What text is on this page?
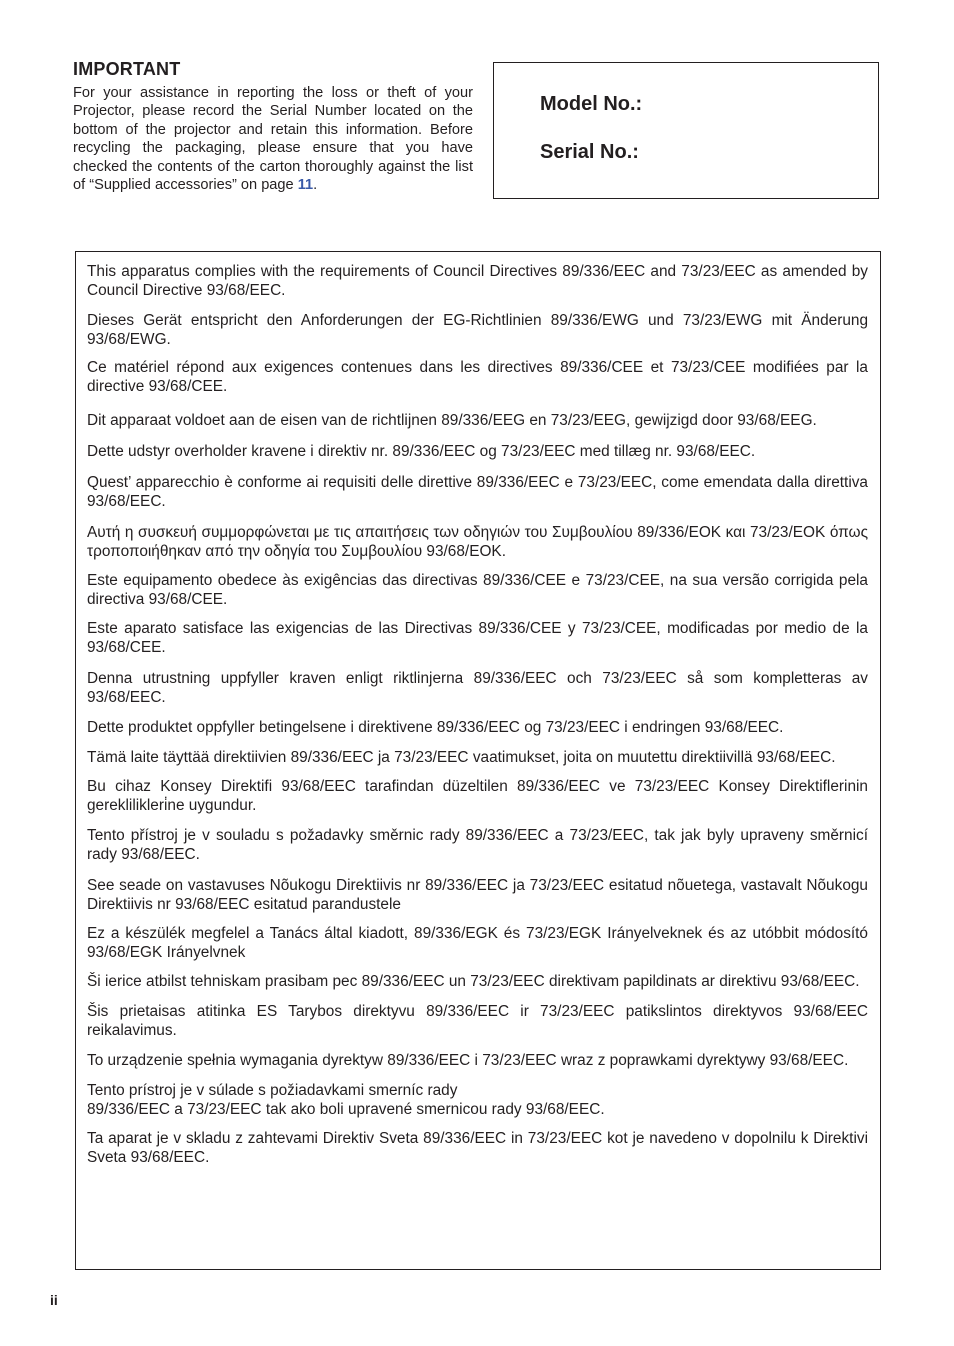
IMPORTANT

For your assistance in reporting the loss or theft of your Projector, please record the Serial Number located on the bottom of the projector and retain this information. Before recycling the packaging, please ensure that you have checked the contents of the carton thoroughly against the list of “Supplied accessories” on page 11.

Model No.:
Serial No.:

This apparatus complies with the requirements of Council Directives 89/336/EEC and 73/23/EEC as amended by Council Directive 93/68/EEC.

Dieses Gerät entspricht den Anforderungen der EG-Richtlinien 89/336/EWG und 73/23/EWG mit Änderung 93/68/EWG.

Ce matériel répond aux exigences contenues dans les directives 89/336/CEE et 73/23/CEE modifiées par la directive 93/68/CEE.

Dit apparaat voldoet aan de eisen van de richtlijnen 89/336/EEG en 73/23/EEG, gewijzigd door 93/68/EEG.

Dette udstyr overholder kravene i direktiv nr. 89/336/EEC og 73/23/EEC med tillæg nr. 93/68/EEC.

Quest’ apparecchio è conforme ai requisiti delle direttive 89/336/EEC e 73/23/EEC, come emendata dalla direttiva 93/68/EEC.

Αυτή η συσκευή συμμορφώνεται με τις απαιτήσεις των οδηγιών του Συμβουλίου 89/336/ΕΟΚ και 73/23/ΕΟΚ όπως τροποποιήθηκαν από την οδηγία του Συμβουλίου 93/68/ΕΟΚ.

Este equipamento obedece às exigências das directivas 89/336/CEE e 73/23/CEE, na sua versão corrigida pela directiva 93/68/CEE.

Este aparato satisface las exigencias de las Directivas 89/336/CEE y 73/23/CEE, modificadas por medio de la 93/68/CEE.

Denna utrustning uppfyller kraven enligt riktlinjerna 89/336/EEC och 73/23/EEC så som kompletteras av 93/68/EEC.

Dette produktet oppfyller betingelsene i direktivene 89/336/EEC og 73/23/EEC i endringen 93/68/EEC.

Tämä laite täyttää direktiivien 89/336/EEC ja 73/23/EEC vaatimukset, joita on muutettu direktiivillä 93/68/EEC.

Bu cihaz Konsey Direktifi 93/68/EEC tarafindan düzeltilen 89/336/EEC ve 73/23/EEC Konsey Direktiflerinin gereklilikleri̇ne uygundur.

Tento přístroj je v souladu s požadavky směrnic rady 89/336/EEC a 73/23/EEC, tak jak byly upraveny směrnicí rady 93/68/EEC.

See seade on vastavuses Nõukogu Direktiivis nr 89/336/EEC ja 73/23/EEC esitatud nõuetega, vastavalt Nõukogu Direktiivis nr 93/68/EEC esitatud parandustele

Ez a készülék megfelel a Tanács által kiadott, 89/336/EGK és 73/23/EGK Irányelveknek és az utóbbit módosító 93/68/EGK Irányelvnek

Ši ierice atbilst tehniskam prasibam pec 89/336/EEC un 73/23/EEC direktivam papildinats ar direktivu 93/68/EEC.

Šis prietaisas atitinka ES Tarybos direktyvu 89/336/EEC ir 73/23/EEC patikslintos direktyvos 93/68/EEC reikalavimus.

To urządzenie spełnia wymagania dyrektyw 89/336/EEC i 73/23/EEC wraz z poprawkami dyrektywy 93/68/EEC.

Tento prístroj je v súlade s požiadavkami smerníc rady
89/336/EEC a 73/23/EEC tak ako boli upravené smernicou rady 93/68/EEC.

Ta aparat je v skladu z zahtevami Direktiv Sveta 89/336/EEC in 73/23/EEC kot je navedeno v dopolnilu k Direktivi Sveta 93/68/EEC.

ii
